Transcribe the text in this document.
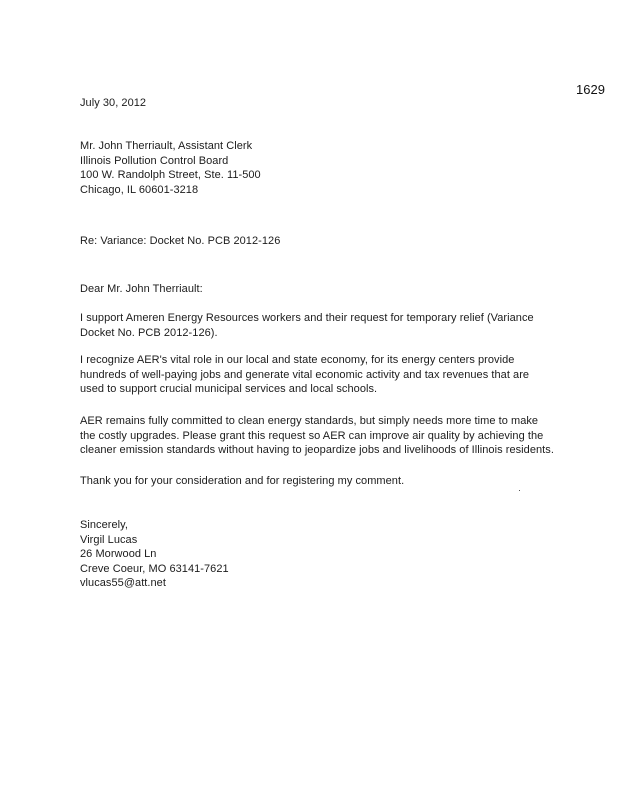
1629
July 30, 2012
Mr. John Therriault, Assistant Clerk
Illinois Pollution Control Board
100 W. Randolph Street, Ste. 11-500
Chicago, IL 60601-3218
Re: Variance: Docket No. PCB 2012-126
Dear Mr. John Therriault:
I support Ameren Energy Resources workers and their request for temporary relief (Variance
Docket No. PCB 2012-126).
I recognize AER's vital role in our local and state economy, for its energy centers provide
hundreds of well-paying jobs and generate vital economic activity and tax revenues that are
used to support crucial municipal services and local schools.
AER remains fully committed to clean energy standards, but simply needs more time to make
the costly upgrades. Please grant this request so AER can improve air quality by achieving the
cleaner emission standards without having to jeopardize jobs and livelihoods of Illinois residents.
Thank you for your consideration and for registering my comment.
Sincerely,
Virgil Lucas
26 Morwood Ln
Creve Coeur, MO 63141-7621
vlucas55@att.net
